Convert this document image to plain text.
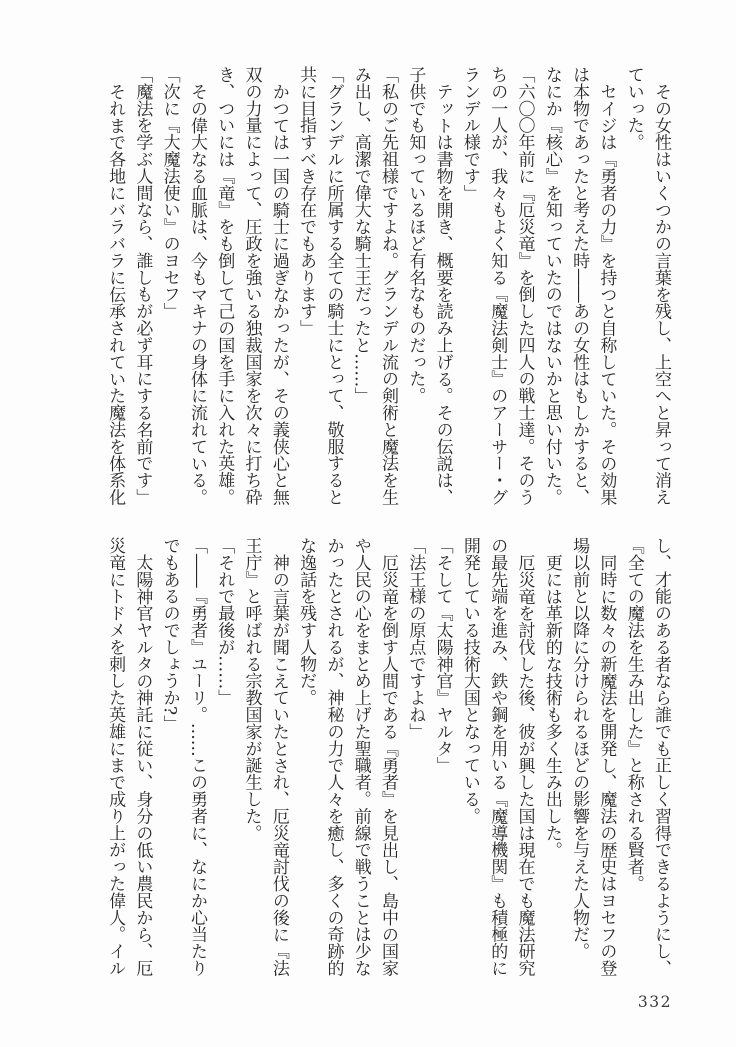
その女性はいくつかの言葉を残し、上空へと昇って消え
ていった。
セイジは『勇者の力』を持つと自称していた。その効果
は本物であったと考えた時――あの女性はもしかすると、
なにか『核心』を知っていたのではないかと思い付いた。
「六〇〇年前に『厄災竜』を倒した四人の戦士達。そのう
ちの一人が、我々もよく知る『魔法剣士』のアーサー・グ
ランデル様です」
テットは書物を開き、概要を読み上げる。その伝説は、
子供でも知っているほど有名なものだった。
「私のご先祖様ですよね。グランデル流の剣術と魔法を生
み出し、高潔で偉大な騎士王だったと……」
「グランデルに所属する全ての騎士にとって、敬服すると
共に目指すべき存在でもあります」
かつては一国の騎士に過ぎなかったが、その義侠心と無
双の力量によって、圧政を強いる独裁国家を次々に打ち砕
き、ついには『竜』をも倒して己の国を手に入れた英雄。
その偉大なる血脈は、今もマキナの身体に流れている。
「次に『大魔法使い』のヨセフ」
「魔法を学ぶ人間なら、誰しもが必ず耳にする名前です」
それまで各地にバラバラに伝承されていた魔法を体系化
し、才能のある者なら誰でも正しく習得できるようにし、
『全ての魔法を生み出した』と称される賢者。
同時に数々の新魔法を開発し、魔法の歴史はヨセフの登
場以前と以降に分けられるほどの影響を与えた人物だ。
更には革新的な技術も多く生み出した。
厄災竜を討伐した後、彼が興した国は現在でも魔法研究
の最先端を進み、鉄や鋼を用いる『魔導機関』も積極的に
開発している技術大国となっている。
「そして『太陽神官』ヤルタ」
「法王様の原点ですよね」
厄災竜を倒す人間である『勇者』を見出し、島中の国家
や人民の心をまとめ上げた聖職者。前線で戦うことは少な
かったとされるが、神秘の力で人々を癒し、多くの奇跡的
な逸話を残す人物だ。
神の言葉が聞こえていたとされ、厄災竜討伐の後に『法
王庁』と呼ばれる宗教国家が誕生した。
「それで最後が……」
「――『勇者』ユーリ。……この勇者に、なにか心当たり
でもあるのでしょうか?」
太陽神官ヤルタの神託に従い、身分の低い農民から、厄
災竜にトドメを刺した英雄にまで成り上がった偉人。イル
332
